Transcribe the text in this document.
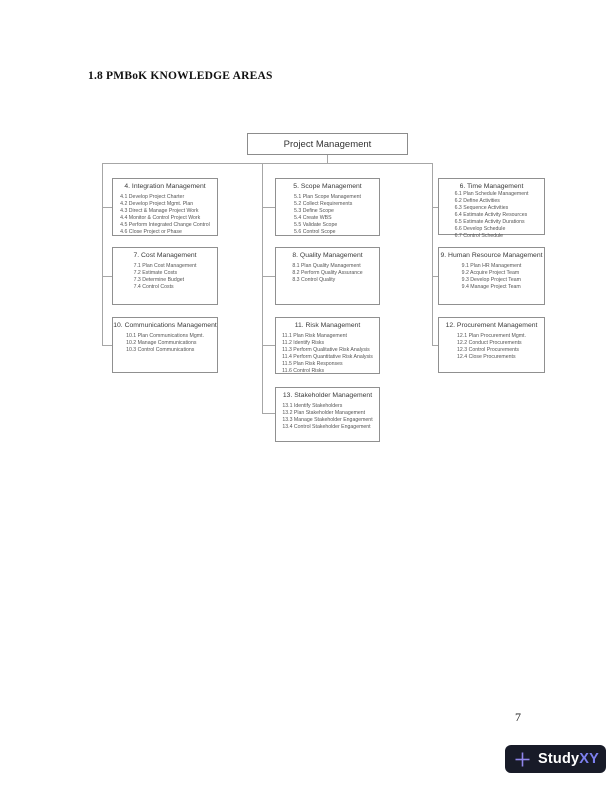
1.8 PMBoK KNOWLEDGE AREAS
Project Management
4. Integration Management
4.1 Develop Project Charter
4.2 Develop Project Mgmt. Plan
4.3 Direct & Manage Project Work
4.4 Monitor & Control Project Work
4.5 Perform Integrated Change Control
4.6 Close Project or Phase
7. Cost Management
7.1 Plan Cost Management
7.2 Estimate Costs
7.3 Determine Budget
7.4 Control Costs
10. Communications Management
10.1 Plan Communications Mgmt.
10.2 Manage Communications
10.3 Control Communications
5. Scope Management
5.1 Plan Scope Management
5.2 Collect Requirements
5.3 Define Scope
5.4 Create WBS
5.5 Validate Scope
5.6 Control Scope
8. Quality Management
8.1 Plan Quality Management
8.2 Perform Quality Assurance
8.3 Control Quality
11. Risk Management
11.1 Plan Risk Management
11.2 Identify Risks
11.3 Perform Qualitative Risk Analysis
11.4 Perform Quantitative Risk Analysis
11.5 Plan Risk Responses
11.6 Control Risks
13. Stakeholder Management
13.1 Identify Stakeholders
13.2 Plan Stakeholder Management
13.3 Manage Stakeholder Engagement
13.4 Control Stakeholder Engagement
6. Time Management
6.1 Plan Schedule Management
6.2 Define Activities
6.3 Sequence Activities
6.4 Estimate Activity Resources
6.5 Estimate Activity Durations
6.6 Develop Schedule
6.7 Control Schedule
9. Human Resource Management
9.1 Plan HR Management
9.2 Acquire Project Team
9.3 Develop Project Team
9.4 Manage Project Team
12. Procurement Management
12.1 Plan Procurement Mgmt.
12.2 Conduct Procurements
12.3 Control Procurements
12.4 Close Procurements
7
Study XY
